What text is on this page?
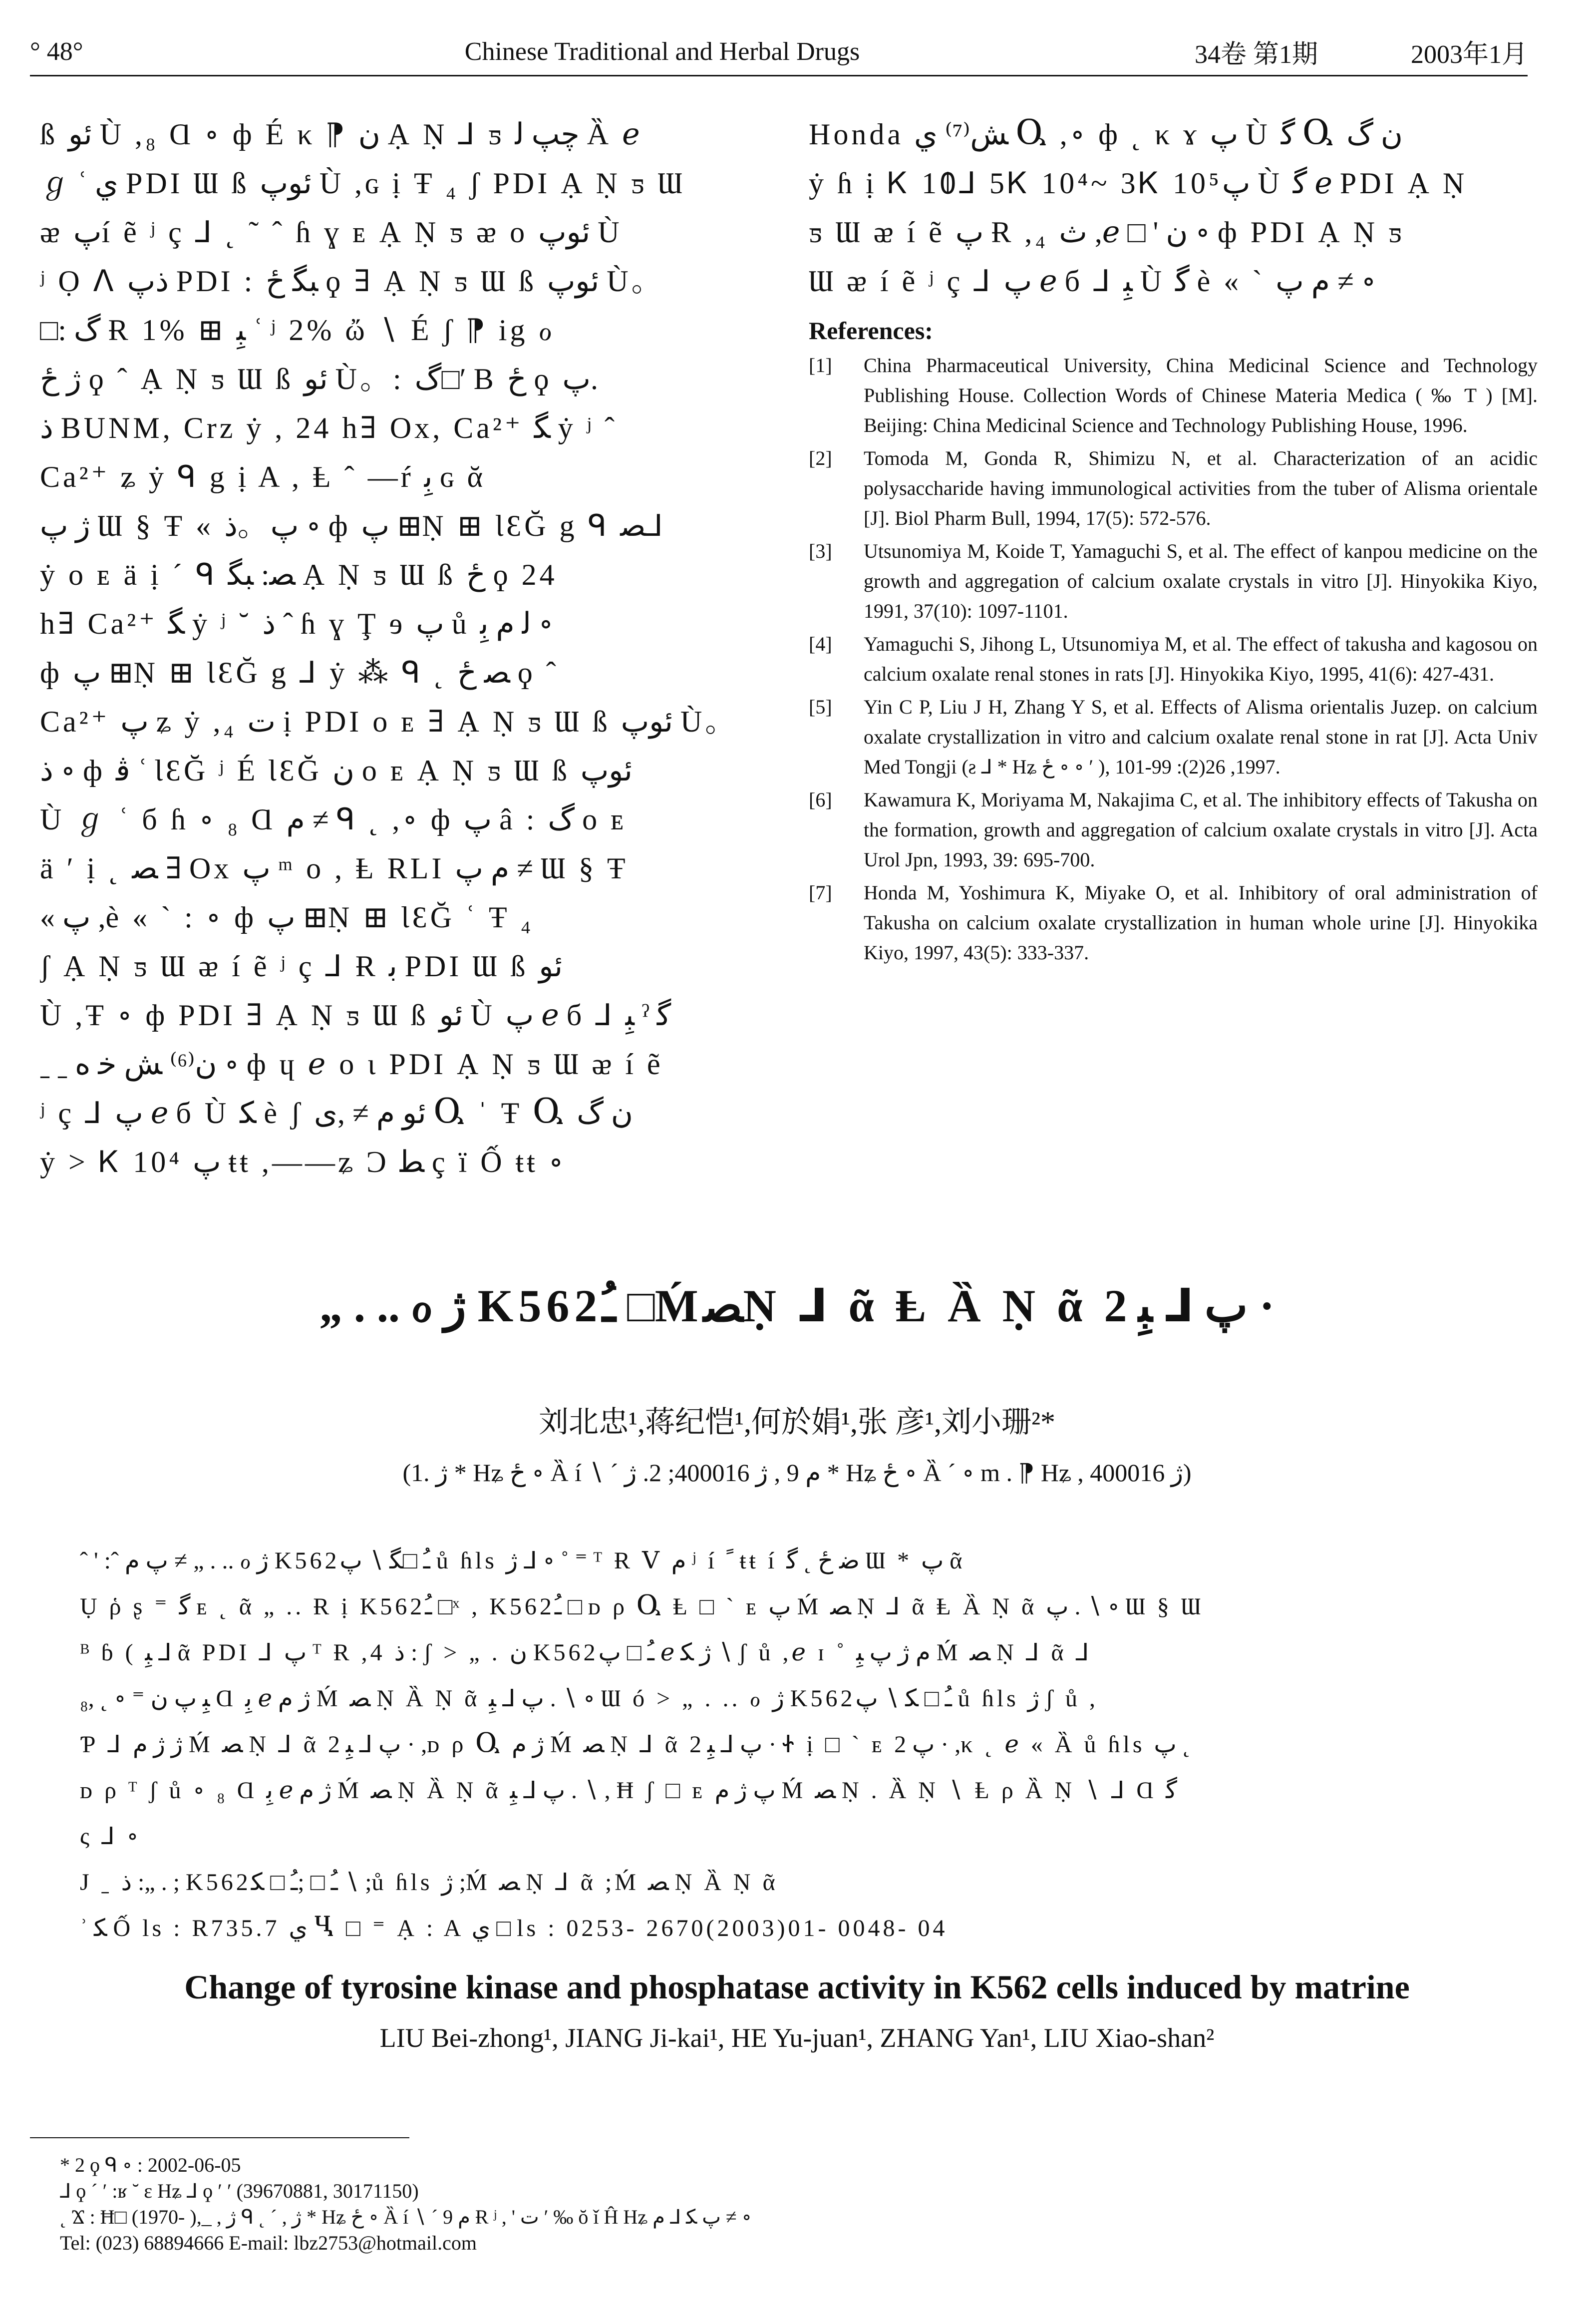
° 48°	Chinese Traditional and Herbal Drugs	34卷 第1期	2003年1月
ß ئو Ù ,₈ Ɑ ∘ ф É κ ⁋ ن Ạ Ṇ ⅃ ƽ چپ ﻟ Ȁ ℯ
ℊ ʿ ي PDI Ɯ ß ئوپ Ù ,ɢ ị Ŧ ₄ ʃ PDI Ạ Ṇ ƽ Ɯ
ᴂ پí ẽ ʲ ç ⅃ ˛ ˜ ˆ ɦ ɣ ᴇ Ạ Ṇ ƽ ᴂ ᴏ ئوپ Ù
ʲ Ọ ᐱ ذپ PDI : ﺒﮕ ځ ϙ ∃ Ạ Ṇ ƽ Ɯ ß ئوپ Ù。
□: ﮒ Ɍ 1% ⊞ ﺒِ ʿ ʲ 2% ὤ ∖ É ʃ ⁋ ig ℴ
ژ ځ ϙ ˆ Ạ Ṇ ƽ Ɯ ß ئو Ù。: ﮒ□ʹ B ځ ϙ پ.
ذ BUNM, Crz ẏ , 24 h∃ Ox, Ca²⁺ ﮕ ẏ ʲ ˆ
Ca²⁺ ʑ ẏ ᑫ g ị A , Ⱡ ˆ —ŕ ﺑِ ɢ ᾰ
ژ پ Ɯ § Ŧ « پ。ذ ∘ ф پ ⊞Ṇ ⊞ ƖƐĞ g ᑫ ﺼ⅃
ẏ ᴏ ᴇ ä ị ´ ᑫ ﺼ: ﺒﮕ Ạ Ṇ ƽ Ɯ ß ځ ϙ 24
h∃ Ca²⁺ ﮕ ẏ ʲ ˘ ذ ˆ ɦ ɣ Ţ ɘ پ ů ﻟ ﻡ ﺑِ ∘
ф پ ⊞Ṇ ⊞ ƖƐĞ g ⅃ ẏ ⁂ ᑫ ˛ ﺼ ځ ϙ ˆ
Ca²⁺ پ ʑ ẏ ,₄ ت ị PDI ᴏ ᴇ ∃ Ạ Ṇ ƽ Ɯ ß ئوپ Ù。
ذ ∘ ф ﭬ ʿ ƖƐĞ ʲ É ƖƐĞ ن ᴏ ᴇ Ạ Ṇ ƽ Ɯ ß ئوپ
Ù ℊ ʿ б ɦ ∘ ₈ Ɑ ﻡ ≠ ᑫ ˛ ,∘ ф پ â : ﮒ ᴏ ᴇ
ä ʹ ị ˛ ﺼ ∃ Ox پ ᵐ ᴏ , Ⱡ RLI ﻡ پ ≠ Ɯ § Ŧ
« پ ,è « ` : ∘ ф پ ⊞Ṇ ⊞ ƖƐĞ ʿ Ŧ ₄
ʃ Ạ Ṇ ƽ Ɯ ᴂ í ẽ ʲ ç ⅃ Ɍ ﺑ PDI Ɯ ß ئو
Ù ,Ŧ ∘ ф PDI ∃ Ạ Ṇ ƽ Ɯ ß ئو Ù پ ℯ б ⅃ ﺒِ ˀ ﮔ
ˍ ˍ ن⁽⁶⁾ ﺶ ﺧ ﻩ ∘ ф ɥ ℯ ᴏ ɩ PDI Ạ Ṇ ƽ Ɯ ᴂ í ẽ
ʲ ç ⅃ پ ℯ б Ù ﮑ è ʃ ئو ﻡ ≠ ,ی Ⴓ ˈ Ŧ Ⴓ ن ﮒ
ẏ > Ꮶ 10⁴ پ ŧŧ ,——ʑ Ɔ ﻄ ç ï Ố ŧŧ ∘
Honda ﺶ⁽⁷⁾ ﻱ Ⴓ ,∘ ф ˛ κ ɤ پ Ù ﮔ Ⴓ ن ﮒ
ẏ ɦ ị Ꮶ 10⃒⅃ 5Ꮶ 10⁴~ 3Ꮶ 10⁵پ Ù ﮔ ℯ PDI Ạ Ṇ
ƽ Ɯ ᴂ í ẽ پ Ɍ ,₄ ث ,ℯ □ ' ن ∘ ф PDI Ạ Ṇ ƽ
Ɯ ᴂ í ẽ ʲ ç ⅃ پ ℯ б ⅃ ﺒِ Ù ﮔ è « ` ﻡ پ ≠ ∘
References:
[1]	China Pharmaceutical University, China Medicinal Science and Technology Publishing House. Collection Words of Chinese Materia Medica ( ‰ Ƭ ) [M]. Beijing: China Medicinal Science and Technology Publishing House, 1996.
[2]	Tomoda M, Gonda R, Shimizu N, et al. Characterization of an acidic polysaccharide having immunological activities from the tuber of Alisma orientale [J]. Biol Pharm Bull, 1994, 17(5): 572-576.
[3]	Utsunomiya M, Koide T, Yamaguchi S, et al. The effect of kanpou medicine on the growth and aggregation of calcium oxalate crystals in vitro [J]. Hinyokika Kiyo, 1991, 37(10): 1097-1101.
[4]	Yamaguchi S, Jihong L, Utsunomiya M, et al. The effect of takusha and kagosou on calcium oxalate renal stones in rats [J]. Hinyokika Kiyo, 1995, 41(6): 427-431.
[5]	Yin C P, Liu J H, Zhang Y S, et al. Effects of Alisma orientalis Juzep. on calcium oxalate crystallization in vitro and calcium oxalate renal stone in rat [J]. Acta Univ Med Tongji (ƨ ⅃ * Hʑ ځ ∘ ∘ ʹ ), 1997, 26(2): 99-101.
[6]	Kawamura K, Moriyama M, Nakajima C, et al. The inhibitory effects of Takusha on the formation, growth and aggregation of calcium oxalate crystals in vitro [J]. Acta Urol Jpn, 1993, 39: 695-700.
[7]	Honda M, Yoshimura K, Miyake O, et al. Inhibitory of oral administration of Takusha on calcium oxalate crystallization in human whole urine [J]. Hinyokika Kiyo, 1997, 43(5): 333-337.
„ . .. ℴ ژ K562ﹹ □ḾﺼṆ ⅃ ᾶ Ⱡ Ȁ Ṇ ᾶ پ ⅃ ﺒِ 2 ·
刘北忠¹,蒋纪恺¹,何於娟¹,张 彦¹,刘小珊²*
(1. ژ * Hʑ ځ ∘ Ȁ í ∖ ´ ﻡ 9 , ژ 400016; 2. ژ * Hʑ ځ ∘ Ȁ ´ ∘ m . ⁋ Hʑ , ژ 400016)
ˆ ' :ˆ پ ﻡ ≠ „ . .. ℴ ژ K562ﹹ □ﮕ ∖ پ ů ɦls ژ ⅃ ∘ ˚ ⁼ ᵀ Ɍ Ⅴ ﻡ ʲ í ﹰ ŧŧ í ﺿ ځ ˛ ﮔ Ɯ * پ ᾶ
Ụ ῥ ʂ ⁼ ﮔ ᴇ ˛ ᾶ „ .. Ɍ ị K562ﹹ □ˣ , K562ﹹ □ ᴅ ρ Ⴓ Ⱡ □ ` ᴇ پ Ḿ ﺼ Ṇ ⅃ ᾶ Ⱡ Ȁ Ṇ ᾶ پ . ∖ ∘ Ɯ § Ɯ
ᴮ ɓ ( ﺒِ ⅃ ᾶ PDI ⅃ پ ᵀ Ɍ ,4 ذ : ʃ > „ . ﻥ K562ﹹ □ پ ℯ ژ ﮑ ∖ ʃ ů ,ℯ ɪ ˚ ﻡ ژ پ ﺒِ Ḿ ﺼ Ṇ ⅃ ᾶ ⅃
ﺒِ پ ن ⁼ ∘ ˛ ,₈ Ɑ ﺑِ ℯ ژ ﻡ Ḿ ﺼ Ṇ Ȁ Ṇ ᾶ پ ⅃ ﺒِ . ∖ ∘ Ɯ ó > „ . .. ℴ ژ K562ﹹ □ ﮑ ∖ پ ů ɦls ژ ʃ ů ,
Ƥ ⅃ ژ ژ ﻡ Ḿ ﺼ Ṇ ⅃ ᾶ پ ⅃ ﺒِ 2 · ,ᴅ ρ Ⴓ ژ ﻡ Ḿ ﺼ Ṇ ⅃ ᾶ پ ⅃ ﺒِ 2 · Ꮠ ị □ ` ᴇ پ 2 · ,κ ˛ ℯ « Ȁ ů ɦls پ ˛
ᴅ ρ ᵀ ʃ ů ∘ ₈ Ɑ ﺑِ ℯ ژ ﻡ Ḿ ﺼ Ṇ Ȁ Ṇ ᾶ پ ⅃ ﺒِ . ∖ , Ħ ʃ □ ᴇ پ ژ ﻡ Ḿ ﺼ Ṇ . Ȁ Ṇ ∖ Ⱡ ρ Ȁ Ṇ ∖ ⅃ Ɑ ﮔ
ς ⅃ ∘
J ˍ ذ :„ . ; K562ﹹ □ ;ﹹ □ ﮑ ∖ ;ů ɦls ژ ;Ḿ ﺼ Ṇ ⅃ ᾶ ;Ḿ ﺼ Ṇ Ȁ Ṇ ᾶ
ʾ ﮑ Ố ls : R735.7 ﻱ Ⴁ □ ⁼ Ạ : A ﻱ □ ls : 0253- 2670(2003)01- 0048- 04
Change of tyrosine kinase and phosphatase activity in K562 cells induced by matrine
LIU Bei-zhong¹, JIANG Ji-kai¹, HE Yu-juan¹, ZHANG Yan¹, LIU Xiao-shan²
* 2 ϙ ᑫ ∘ : 2002-06-05
⅃ ϙ ˊ ʹ :ʁ ˘ ε Hʑ ⅃ ϙ ʹ ʹ (39670881, 30171150)
˛ Ϫ : Ħ□ (1970- ),_ , ژ ᑫ ˛ ˊ , ژ * Hʑ ځ ∘ Ȁ í ∖ ´ ﻡ 9 Ɍ ʲ , ' ت ʹ ‰ ŏ ǐ Ĥ Hʑ پ ﮑ ⅃ ﻡ ≠ ∘
Tel: (023) 68894666 E-mail: lbz2753@hotmail.com
